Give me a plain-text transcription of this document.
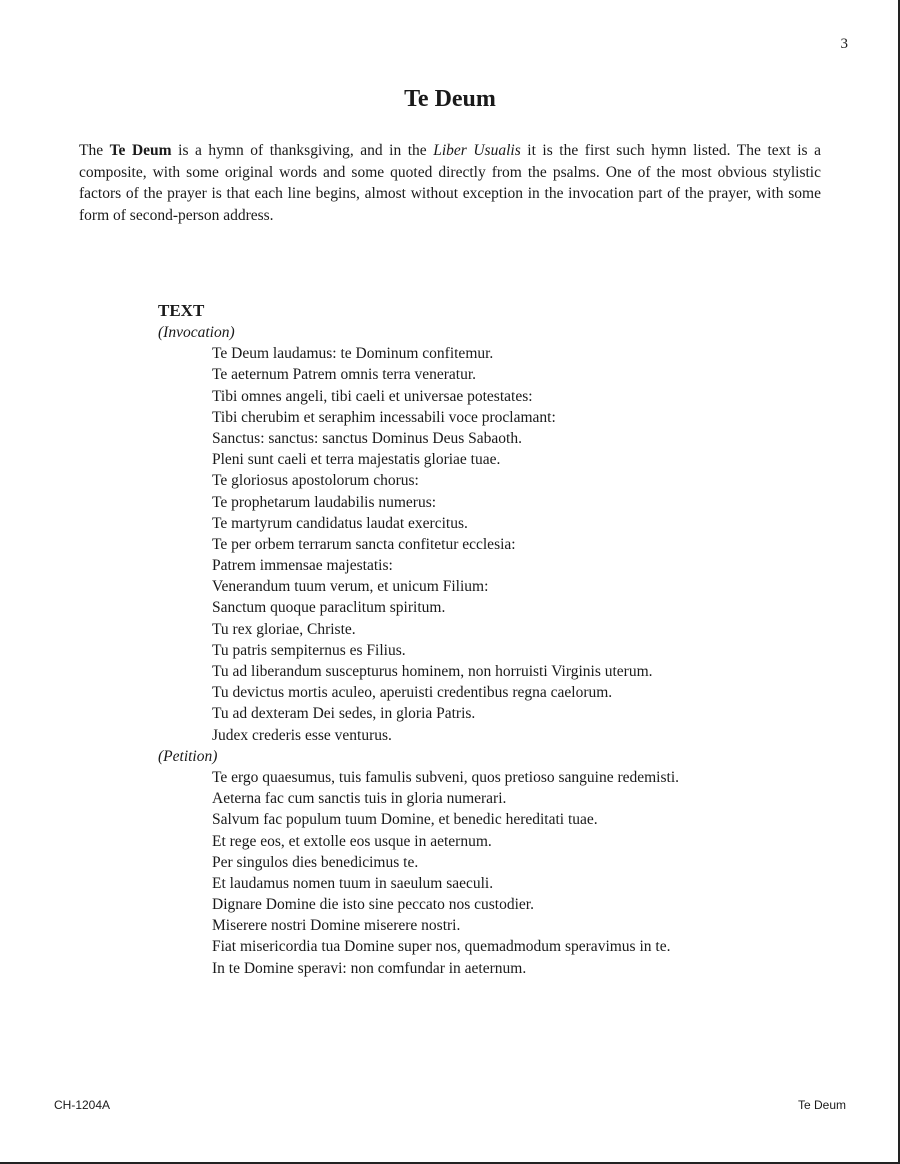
3
Te Deum

The Te Deum is a hymn of thanksgiving, and in the Liber Usualis it is the first such hymn listed. The text is a composite, with some original words and some quoted directly from the psalms. One of the most obvious stylistic factors of the prayer is that each line begins, almost without exception in the invocation part of the prayer, with some form of second-person address.

TEXT
(Invocation)
Te Deum laudamus: te Dominum confitemur.
Te aeternum Patrem omnis terra veneratur.
Tibi omnes angeli, tibi caeli et universae potestates:
Tibi cherubim et seraphim incessabili voce proclamant:
Sanctus: sanctus: sanctus Dominus Deus Sabaoth.
Pleni sunt caeli et terra majestatis gloriae tuae.
Te gloriosus apostolorum chorus:
Te prophetarum laudabilis numerus:
Te martyrum candidatus laudat exercitus.
Te per orbem terrarum sancta confitetur ecclesia:
Patrem immensae majestatis:
Venerandum tuum verum, et unicum Filium:
Sanctum quoque paraclitum spiritum.
Tu rex gloriae, Christe.
Tu patris sempiternus es Filius.
Tu ad liberandum suscepturus hominem, non horruisti Virginis uterum.
Tu devictus mortis aculeo, aperuisti credentibus regna caelorum.
Tu ad dexteram Dei sedes, in gloria Patris.
Judex crederis esse venturus.
(Petition)
Te ergo quaesumus, tuis famulis subveni, quos pretioso sanguine redemisti.
Aeterna fac cum sanctis tuis in gloria numerari.
Salvum fac populum tuum Domine, et benedic hereditati tuae.
Et rege eos, et extolle eos usque in aeternum.
Per singulos dies benedicimus te.
Et laudamus nomen tuum in saeulum saeculi.
Dignare Domine die isto sine peccato nos custodier.
Miserere nostri Domine miserere nostri.
Fiat misericordia tua Domine super nos, quemadmodum speravimus in te.
In te Domine speravi: non comfundar in aeternum.
CH-1204A	Te Deum
